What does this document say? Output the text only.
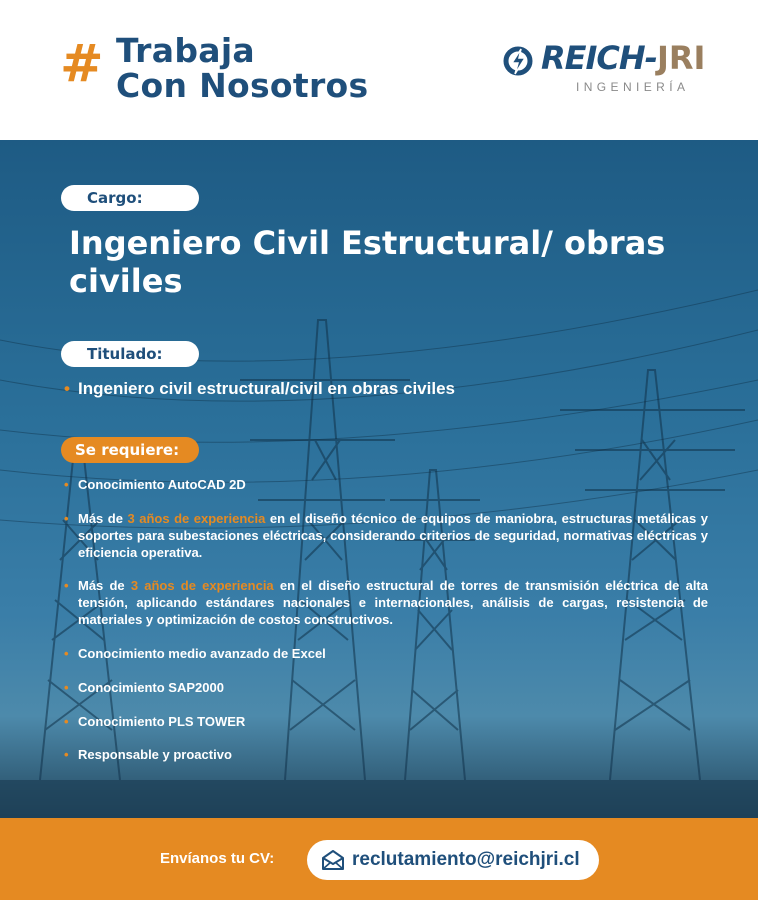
# Trabaja
Con Nosotros
REICH-JRI
INGENIERÍA
Cargo:
Ingeniero Civil Estructural/ obras civiles
Titulado:
• Ingeniero civil estructural/civil en obras civiles
Se requiere:
• Conocimiento AutoCAD 2D
• Más de 3 años de experiencia en el diseño técnico de equipos de maniobra, estructuras metálicas y soportes para subestaciones eléctricas, considerando criterios de seguridad, normativas eléctricas y eficiencia operativa.
• Más de 3 años de experiencia en el diseño estructural de torres de transmisión eléctrica de alta tensión, aplicando estándares nacionales e internacionales, análisis de cargas, resistencia de materiales y optimización de costos constructivos.
• Conocimiento medio avanzado de Excel
• Conocimiento SAP2000
• Conocimiento PLS TOWER
• Responsable y proactivo
Envíanos tu CV:	reclutamiento@reichjri.cl
